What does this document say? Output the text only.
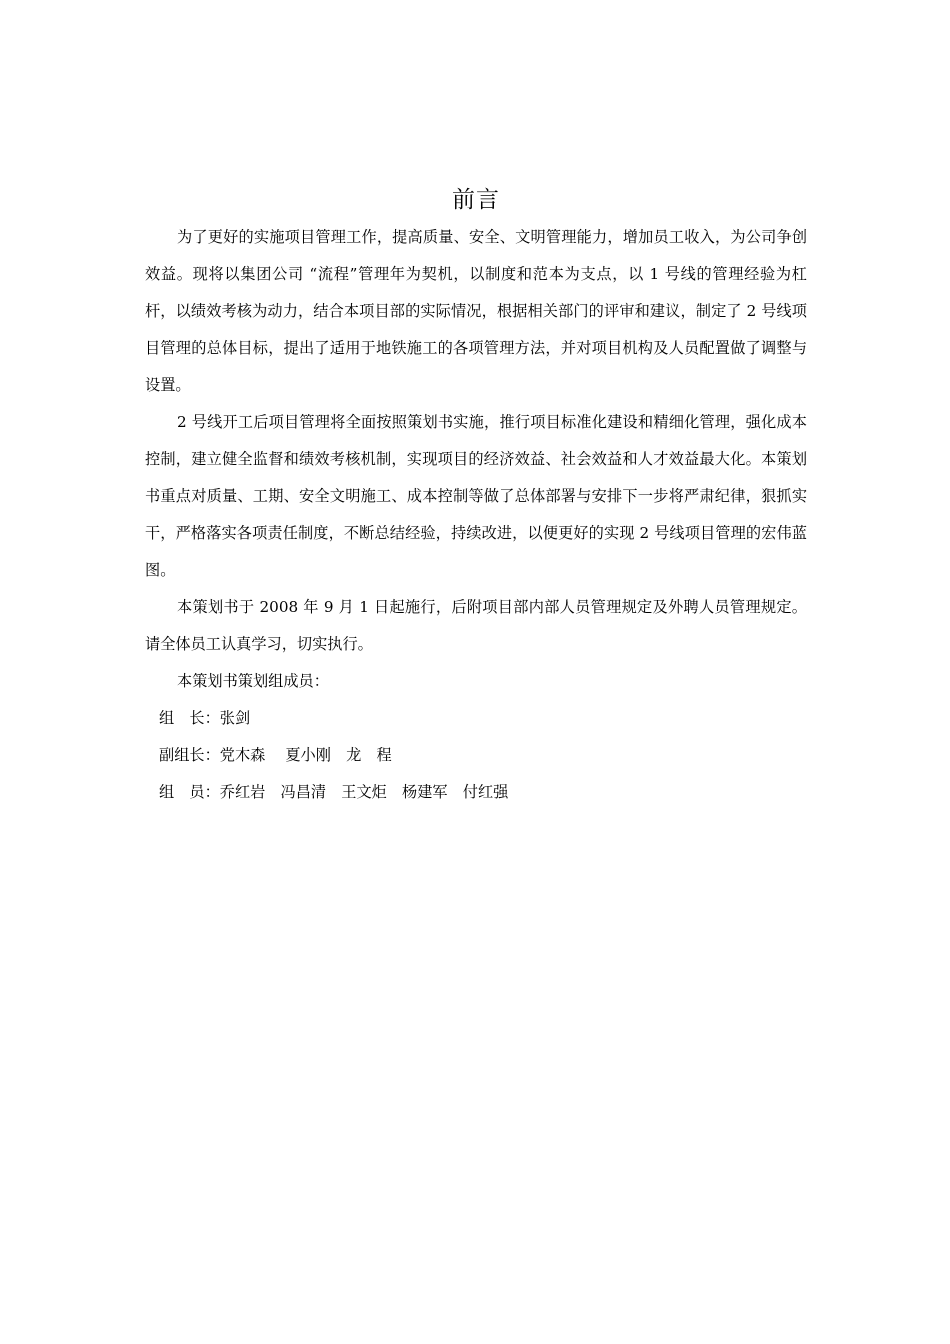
前言

为了更好的实施项目管理工作，提高质量、安全、文明管理能力，增加员工收入，为公司争创效益。现将以集团公司 “流程”管理年为契机，以制度和范本为支点，以 1 号线的管理经验为杠杆，以绩效考核为动力，结合本项目部的实际情况，根据相关部门的评审和建议，制定了 2 号线项目管理的总体目标，提出了适用于地铁施工的各项管理方法，并对项目机构及人员配置做了调整与设置。

2 号线开工后项目管理将全面按照策划书实施，推行项目标准化建设和精细化管理，强化成本控制，建立健全监督和绩效考核机制，实现项目的经济效益、社会效益和人才效益最大化。本策划书重点对质量、工期、安全文明施工、成本控制等做了总体部署与安排下一步将严肃纪律，狠抓实干，严格落实各项责任制度，不断总结经验，持续改进，以便更好的实现 2 号线项目管理的宏伟蓝图。

本策划书于 2008 年 9 月 1 日起施行，后附项目部内部人员管理规定及外聘人员管理规定。请全体员工认真学习，切实执行。

本策划书策划组成员：

组　长：张剑

副组长：党木森　 夏小刚　龙　程

组　员：乔红岩　冯昌清　王文炬　杨建军　付红强
